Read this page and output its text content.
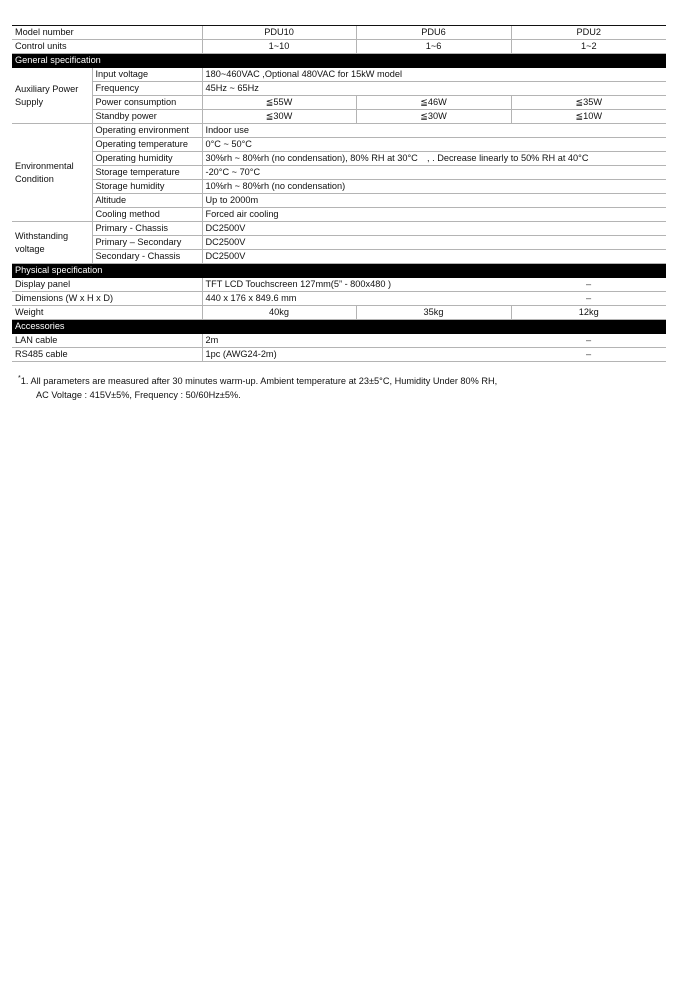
Model number		PDU10	PDU6	PDU2
Control units		1~10	1~6	1~2
General specification				
Auxiliary Power Supply	Input voltage	180~460VAC ,Optional 480VAC for 15kW model		
	Frequency	45Hz ~ 65Hz		
	Power consumption	≦55W	≦46W	≦35W
	Standby power	≦30W	≦30W	≦10W
Environmental Condition	Operating environment	Indoor use		
	Operating temperature	0°C ~ 50°C		
	Operating humidity	30%rh ~ 80%rh (no condensation), 80% RH at 30°C　, . Decrease linearly to 50% RH at 40°C		
	Storage temperature	-20°C ~ 70°C		
	Storage humidity	10%rh ~ 80%rh (no condensation)		
	Altitude	Up to 2000m		
	Cooling method	Forced air cooling		
Withstanding voltage	Primary - Chassis	DC2500V		
	Primary – Secondary	DC2500V		
	Secondary - Chassis	DC2500V		
Physical specification				
Display panel		TFT LCD Touchscreen 127mm(5” - 800x480 )		–
Dimensions (W x H x D)		440 x 176 x 849.6 mm		–
Weight		40kg	35kg	12kg
Accessories				
LAN cable		2m		–
RS485 cable		1pc (AWG24-2m)		–
*1. All parameters are measured after 30 minutes warm-up. Ambient temperature at 23±5°C, Humidity Under 80% RH,
AC Voltage : 415V±5%, Frequency : 50/60Hz±5%.
